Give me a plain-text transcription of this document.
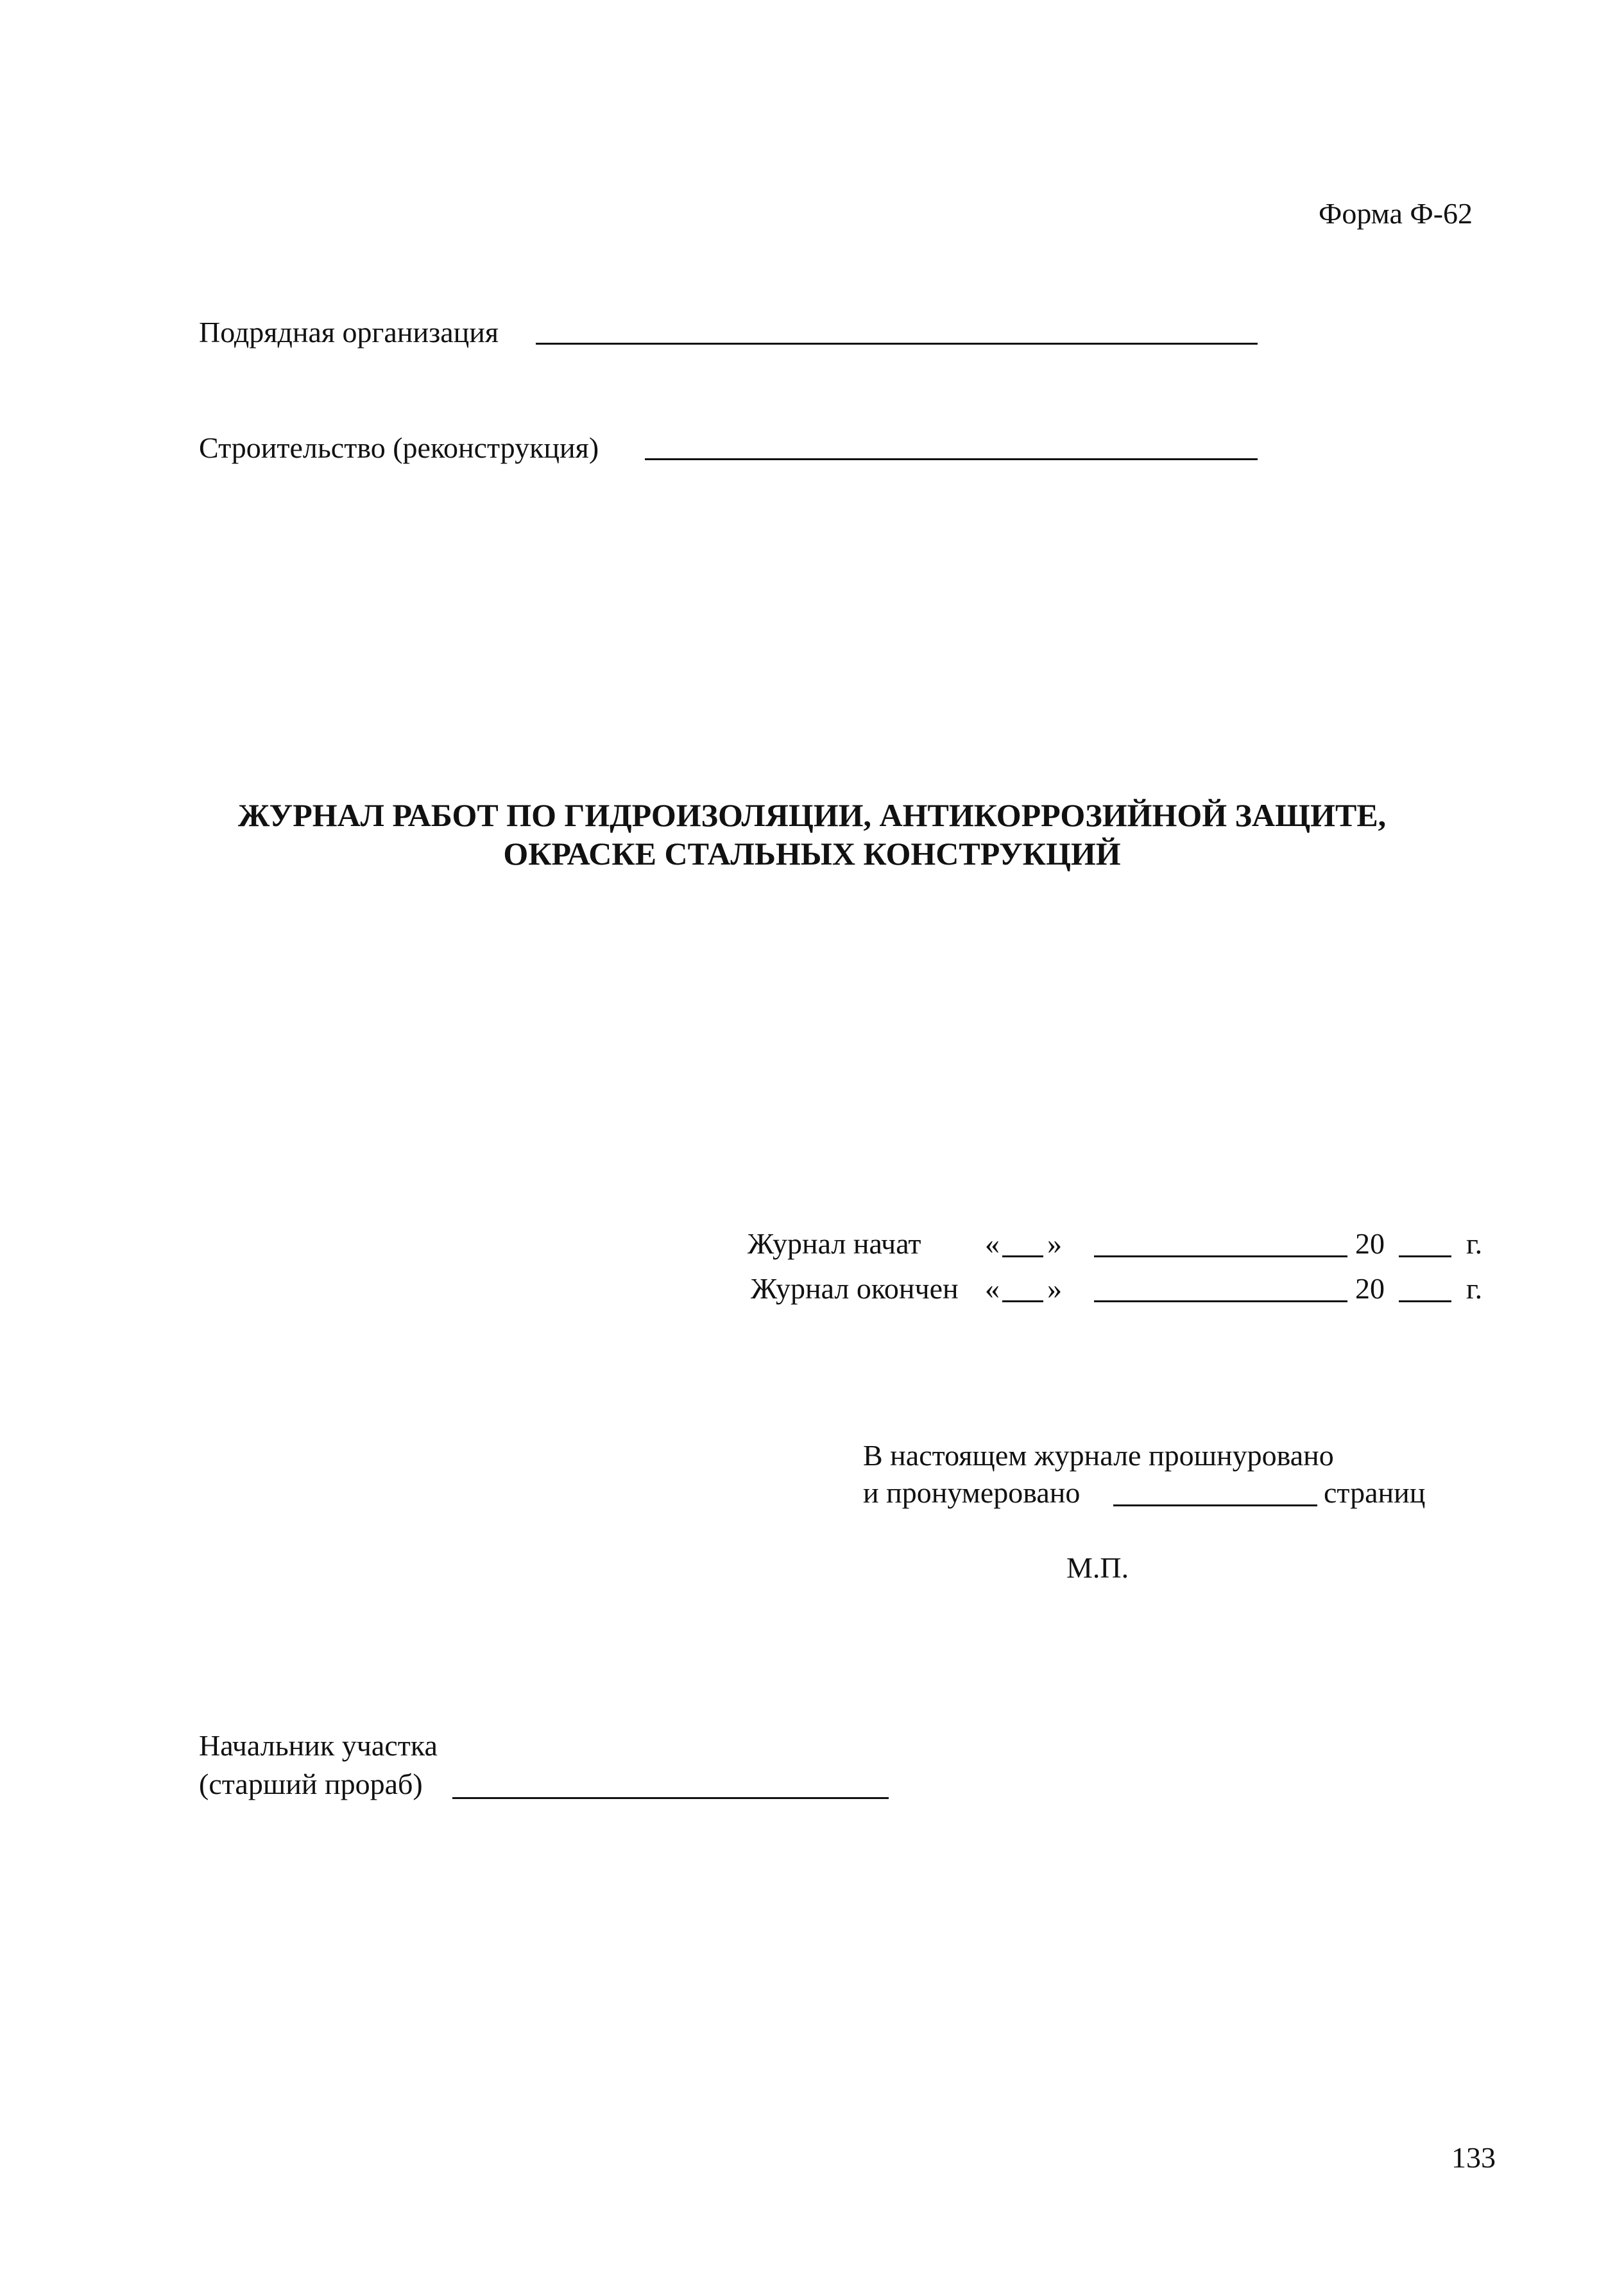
Форма Ф-62
Подрядная организация
Строительство (реконструкция)
ЖУРНАЛ РАБОТ ПО ГИДРОИЗОЛЯЦИИ, АНТИКОРРОЗИЙНОЙ ЗАЩИТЕ,
ОКРАСКЕ СТАЛЬНЫХ КОНСТРУКЦИЙ
Журнал начат « »	20	г.
Журнал окончен « »	20	г.
В настоящем журнале прошнуровано
и пронумеровано	страниц
М.П.
Начальник участка
(старший прораб)
133
